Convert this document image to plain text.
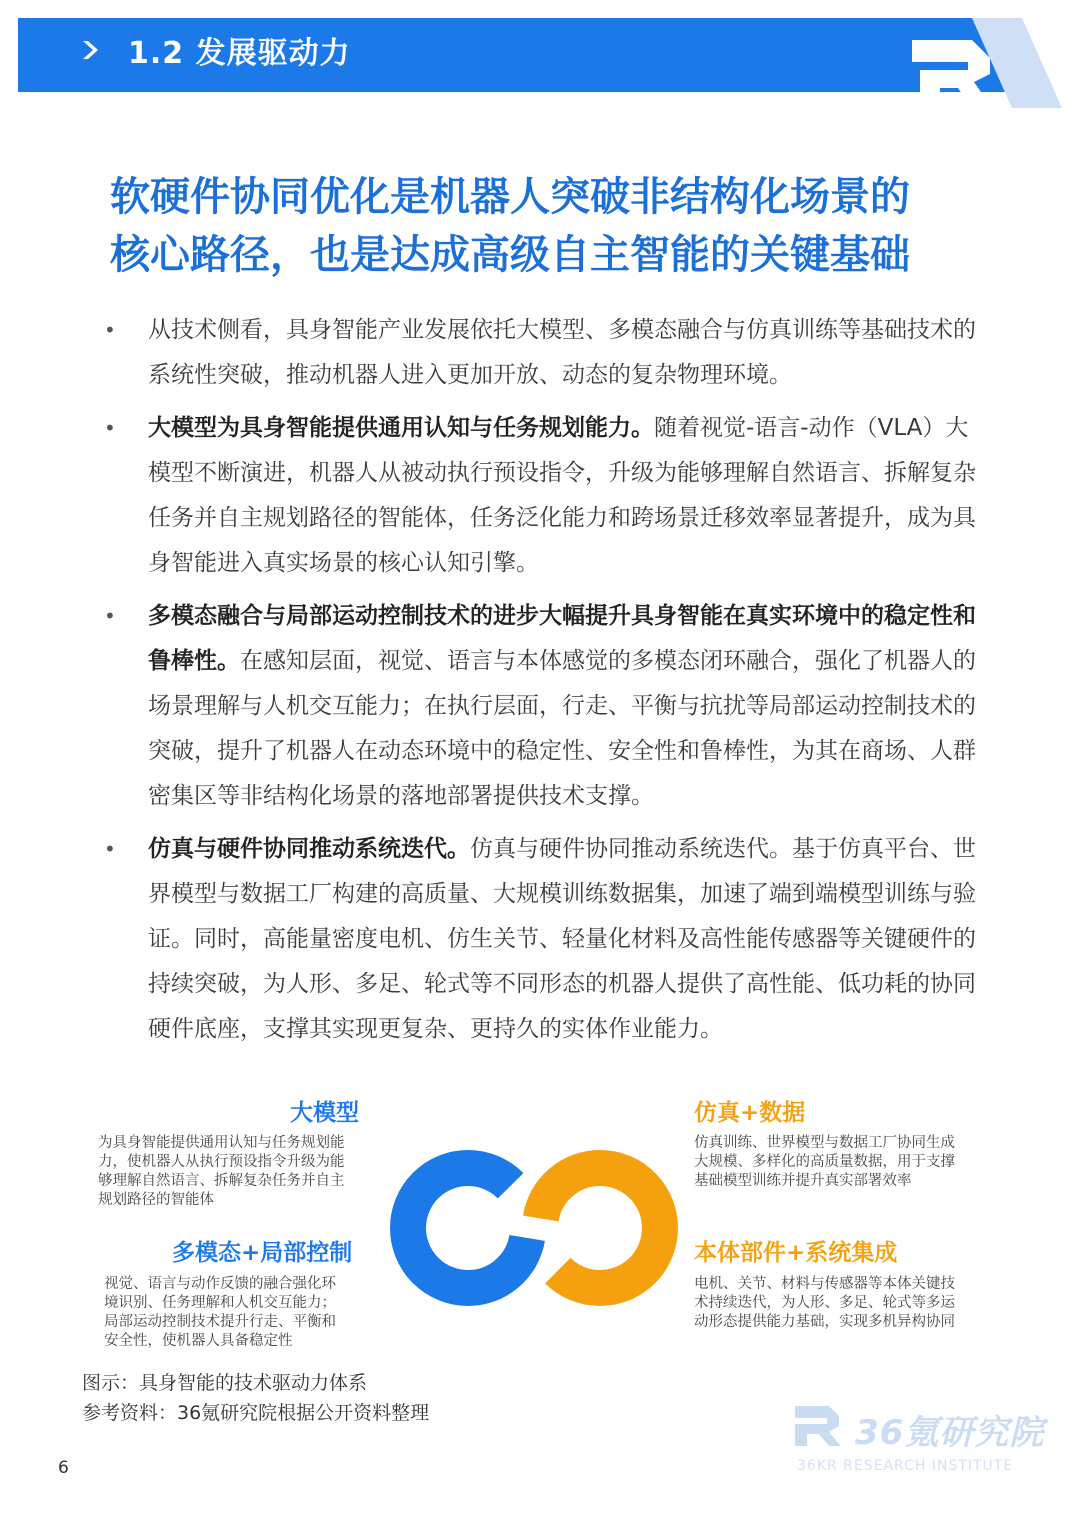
1.2 发展驱动力
软硬件协同优化是机器人突破非结构化场景的
核心路径，也是达成高级自主智能的关键基础
• 从技术侧看，具身智能产业发展依托大模型、多模态融合与仿真训练等基础技术的系统性突破，推动机器人进入更加开放、动态的复杂物理环境。
• 大模型为具身智能提供通用认知与任务规划能力。随着视觉-语言-动作（VLA）大模型不断演进，机器人从被动执行预设指令，升级为能够理解自然语言、拆解复杂任务并自主规划路径的智能体，任务泛化能力和跨场景迁移效率显著提升，成为具身智能进入真实场景的核心认知引擎。
• 多模态融合与局部运动控制技术的进步大幅提升具身智能在真实环境中的稳定性和鲁棒性。在感知层面，视觉、语言与本体感觉的多模态闭环融合，强化了机器人的场景理解与人机交互能力；在执行层面，行走、平衡与抗扰等局部运动控制技术的突破，提升了机器人在动态环境中的稳定性、安全性和鲁棒性，为其在商场、人群密集区等非结构化场景的落地部署提供技术支撑。
• 仿真与硬件协同推动系统迭代。仿真与硬件协同推动系统迭代。基于仿真平台、世界模型与数据工厂构建的高质量、大规模训练数据集，加速了端到端模型训练与验证。同时，高能量密度电机、仿生关节、轻量化材料及高性能传感器等关键硬件的持续突破，为人形、多足、轮式等不同形态的机器人提供了高性能、低功耗的协同硬件底座，支撑其实现更复杂、更持久的实体作业能力。
大模型

为具身智能提供通用认知与任务规划能
力，使机器人从执行预设指令升级为能
够理解自然语言、拆解复杂任务并自主
规划路径的智能体

多模态+局部控制

视觉、语言与动作反馈的融合强化环
境识别、任务理解和人机交互能力；
局部运动控制技术提升行走、平衡和
安全性，使机器人具备稳定性

仿真+数据

仿真训练、世界模型与数据工厂协同生成
大规模、多样化的高质量数据，用于支撑
基础模型训练并提升真实部署效率

本体部件+系统集成

电机、关节、材料与传感器等本体关键技
术持续迭代，为人形、多足、轮式等多运
动形态提供能力基础，实现多机异构协同

图示：具身智能的技术驱动力体系

参考资料：36氪研究院根据公开资料整理

6
36氪研究院
36KR RESEARCH INSTITUTE
